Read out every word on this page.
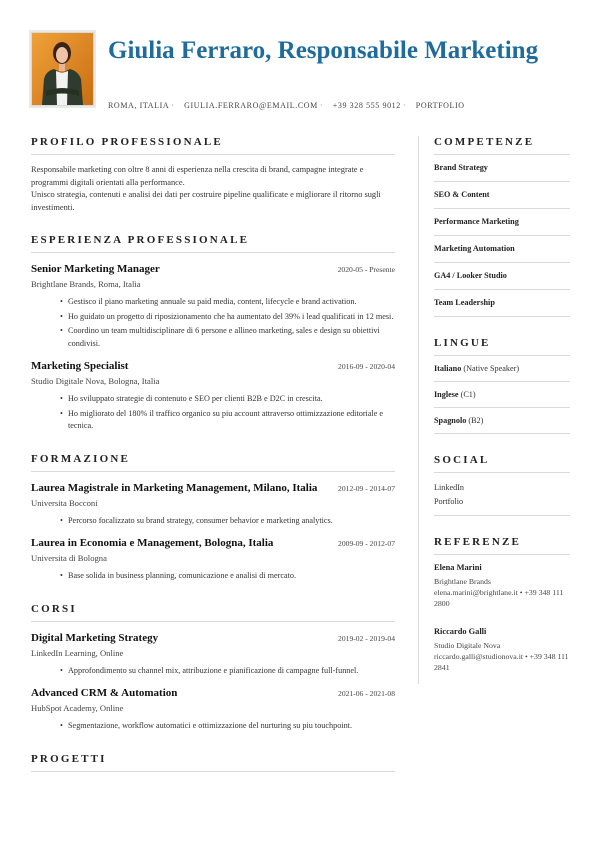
Giulia Ferraro, Responsabile Marketing
ROMA, ITALIA · GIULIA.FERRARO@EMAIL.COM · +39 328 555 9012 · PORTFOLIO
PROFILO PROFESSIONALE

Responsabile marketing con oltre 8 anni di esperienza nella crescita di brand, campagne integrate e programmi digitali orientati alla performance.

Unisco strategia, contenuti e analisi dei dati per costruire pipeline qualificate e migliorare il ritorno sugli investimenti.

ESPERIENZA PROFESSIONALE
Senior Marketing Manager	2020-05 - Presente
Brightlane Brands, Roma, Italia
• Gestisco il piano marketing annuale su paid media, content, lifecycle e brand activation.
• Ho guidato un progetto di riposizionamento che ha aumentato del 39% i lead qualificati in 12 mesi.
• Coordino un team multidisciplinare di 6 persone e allineo marketing, sales e design su obiettivi condivisi.
Marketing Specialist	2016-09 - 2020-04
Studio Digitale Nova, Bologna, Italia
• Ho sviluppato strategie di contenuto e SEO per clienti B2B e D2C in crescita.
• Ho migliorato del 180% il traffico organico su piu account attraverso ottimizzazione editoriale e tecnica.
FORMAZIONE
Laurea Magistrale in Marketing Management, Milano, Italia	2012-09 - 2014-07
Universita Bocconi
• Percorso focalizzato su brand strategy, consumer behavior e marketing analytics.
Laurea in Economia e Management, Bologna, Italia	2009-09 - 2012-07
Universita di Bologna
• Base solida in business planning, comunicazione e analisi di mercato.
CORSI
Digital Marketing Strategy	2019-02 - 2019-04
LinkedIn Learning, Online
• Approfondimento su channel mix, attribuzione e pianificazione di campagne full-funnel.
Advanced CRM & Automation	2021-06 - 2021-08
HubSpot Academy, Online
• Segmentazione, workflow automatici e ottimizzazione del nurturing su piu touchpoint.
PROGETTI
COMPETENZE
Brand Strategy
SEO & Content
Performance Marketing
Marketing Automation
GA4 / Looker Studio
Team Leadership
LINGUE
Italiano (Native Speaker)
Inglese (C1)
Spagnolo (B2)
SOCIAL
LinkedIn
Portfolio
REFERENZE
Elena Marini
Brightlane Brands
elena.marini@brightlane.it • +39 348 111 2800
Riccardo Galli
Studio Digitale Nova
riccardo.galli@studionova.it • +39 348 111 2841
